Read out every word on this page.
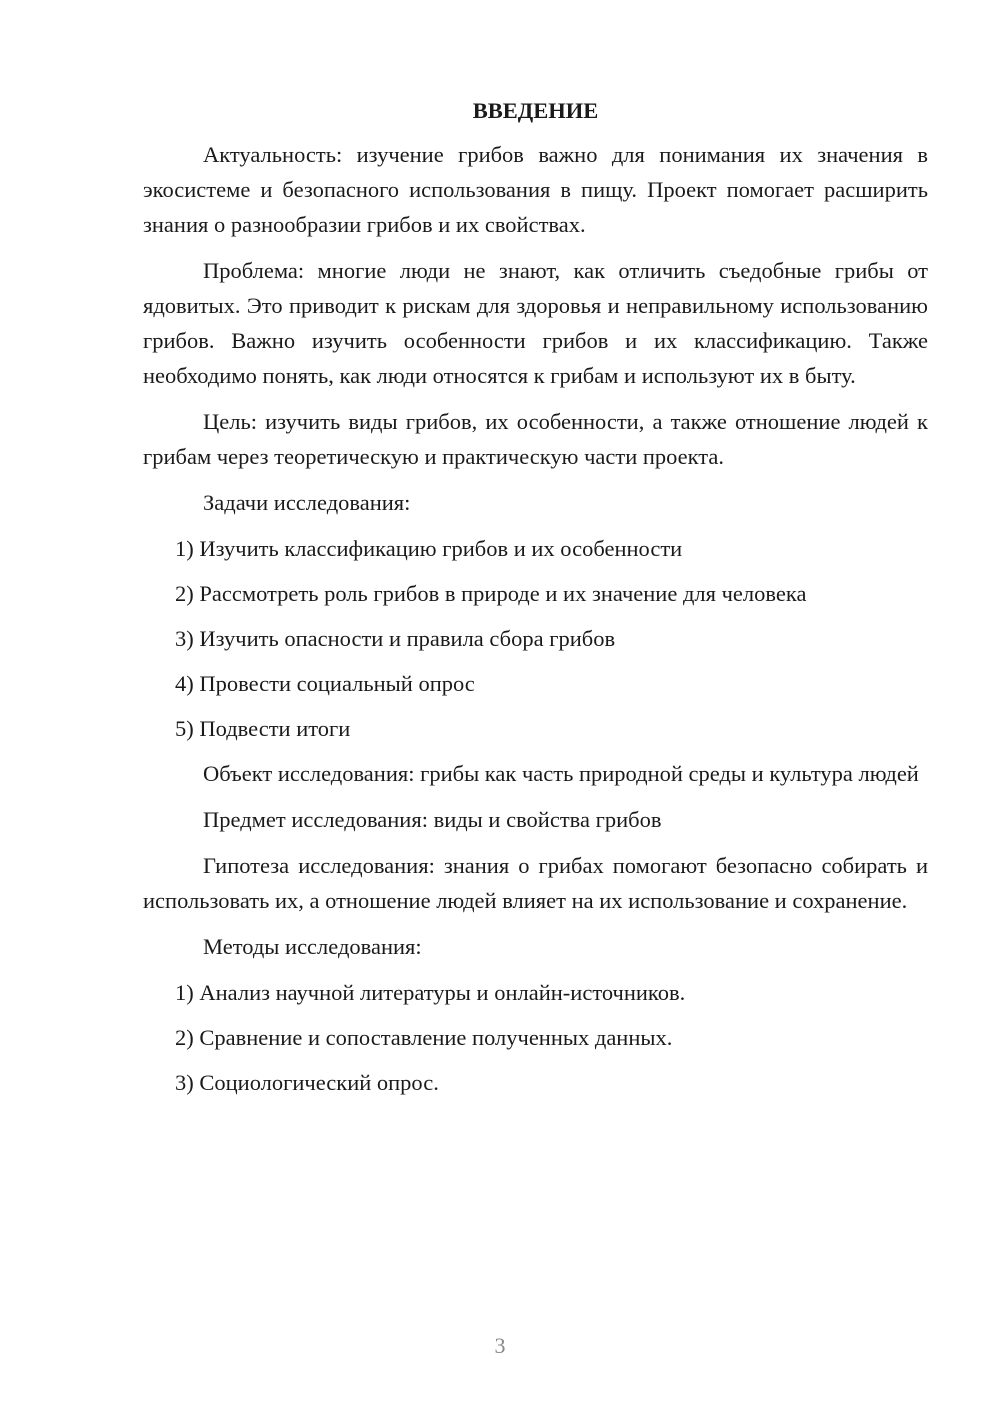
ВВЕДЕНИЕ

Актуальность: изучение грибов важно для понимания их значения в экосистеме и безопасного использования в пищу. Проект помогает расширить знания о разнообразии грибов и их свойствах.

Проблема: многие люди не знают, как отличить съедобные грибы от ядовитых. Это приводит к рискам для здоровья и неправильному использованию грибов. Важно изучить особенности грибов и их классификацию. Также необходимо понять, как люди относятся к грибам и используют их в быту.

Цель: изучить виды грибов, их особенности, а также отношение людей к грибам через теоретическую и практическую части проекта.

Задачи исследования:

1) Изучить классификацию грибов и их особенности
2) Рассмотреть роль грибов в природе и их значение для человека
3) Изучить опасности и правила сбора грибов
4) Провести социальный опрос
5) Подвести итоги

Объект исследования: грибы как часть природной среды и культура людей

Предмет исследования: виды и свойства грибов

Гипотеза исследования: знания о грибах помогают безопасно собирать и использовать их, а отношение людей влияет на их использование и сохранение.

Методы исследования:

1) Анализ научной литературы и онлайн-источников.
2) Сравнение и сопоставление полученных данных.
3) Социологический опрос.
3
